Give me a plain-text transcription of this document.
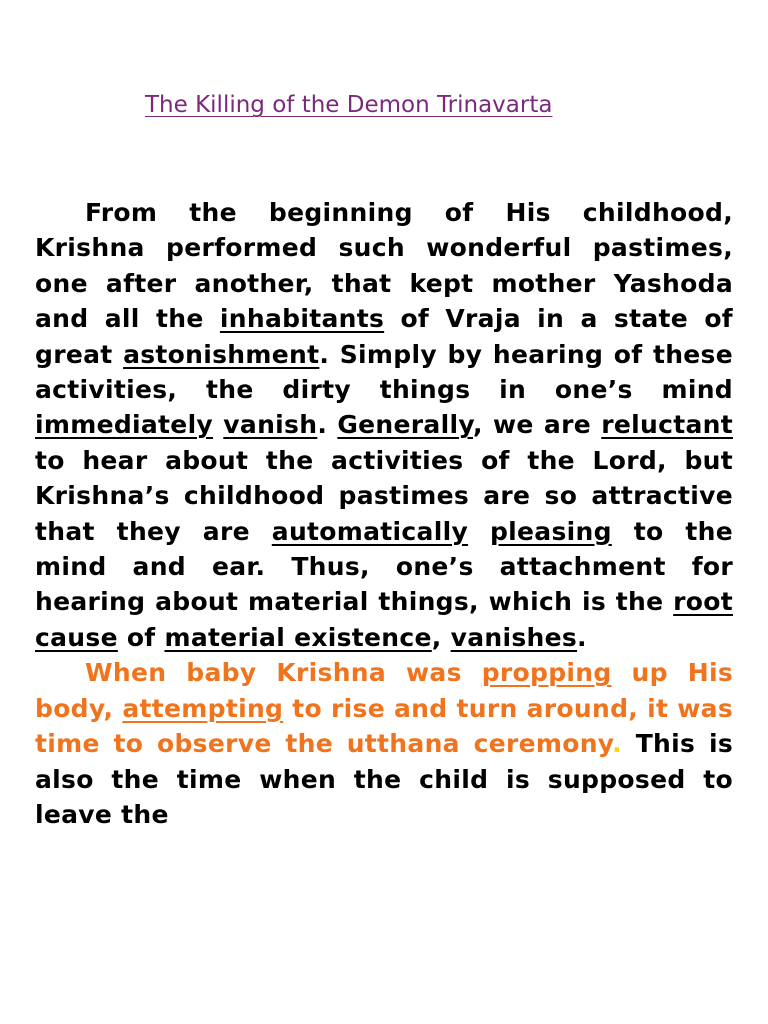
The Killing of the Demon Trinavarta

From the beginning of His childhood, Krishna performed such wonderful pastimes, one after another, that kept mother Yashoda and all the inhabitants of Vraja in a state of great astonishment. Simply by hearing of these activities, the dirty things in one’s mind immediately vanish. Generally, we are reluctant to hear about the activities of the Lord, but Krishna’s childhood pastimes are so attractive that they are automatically pleasing to the mind and ear. Thus, one’s attachment for hearing about material things, which is the root cause of material existence, vanishes.

When baby Krishna was propping up His body, attempting to rise and turn around, it was time to observe the utthana ceremony. This is also the time when the child is supposed to leave the
